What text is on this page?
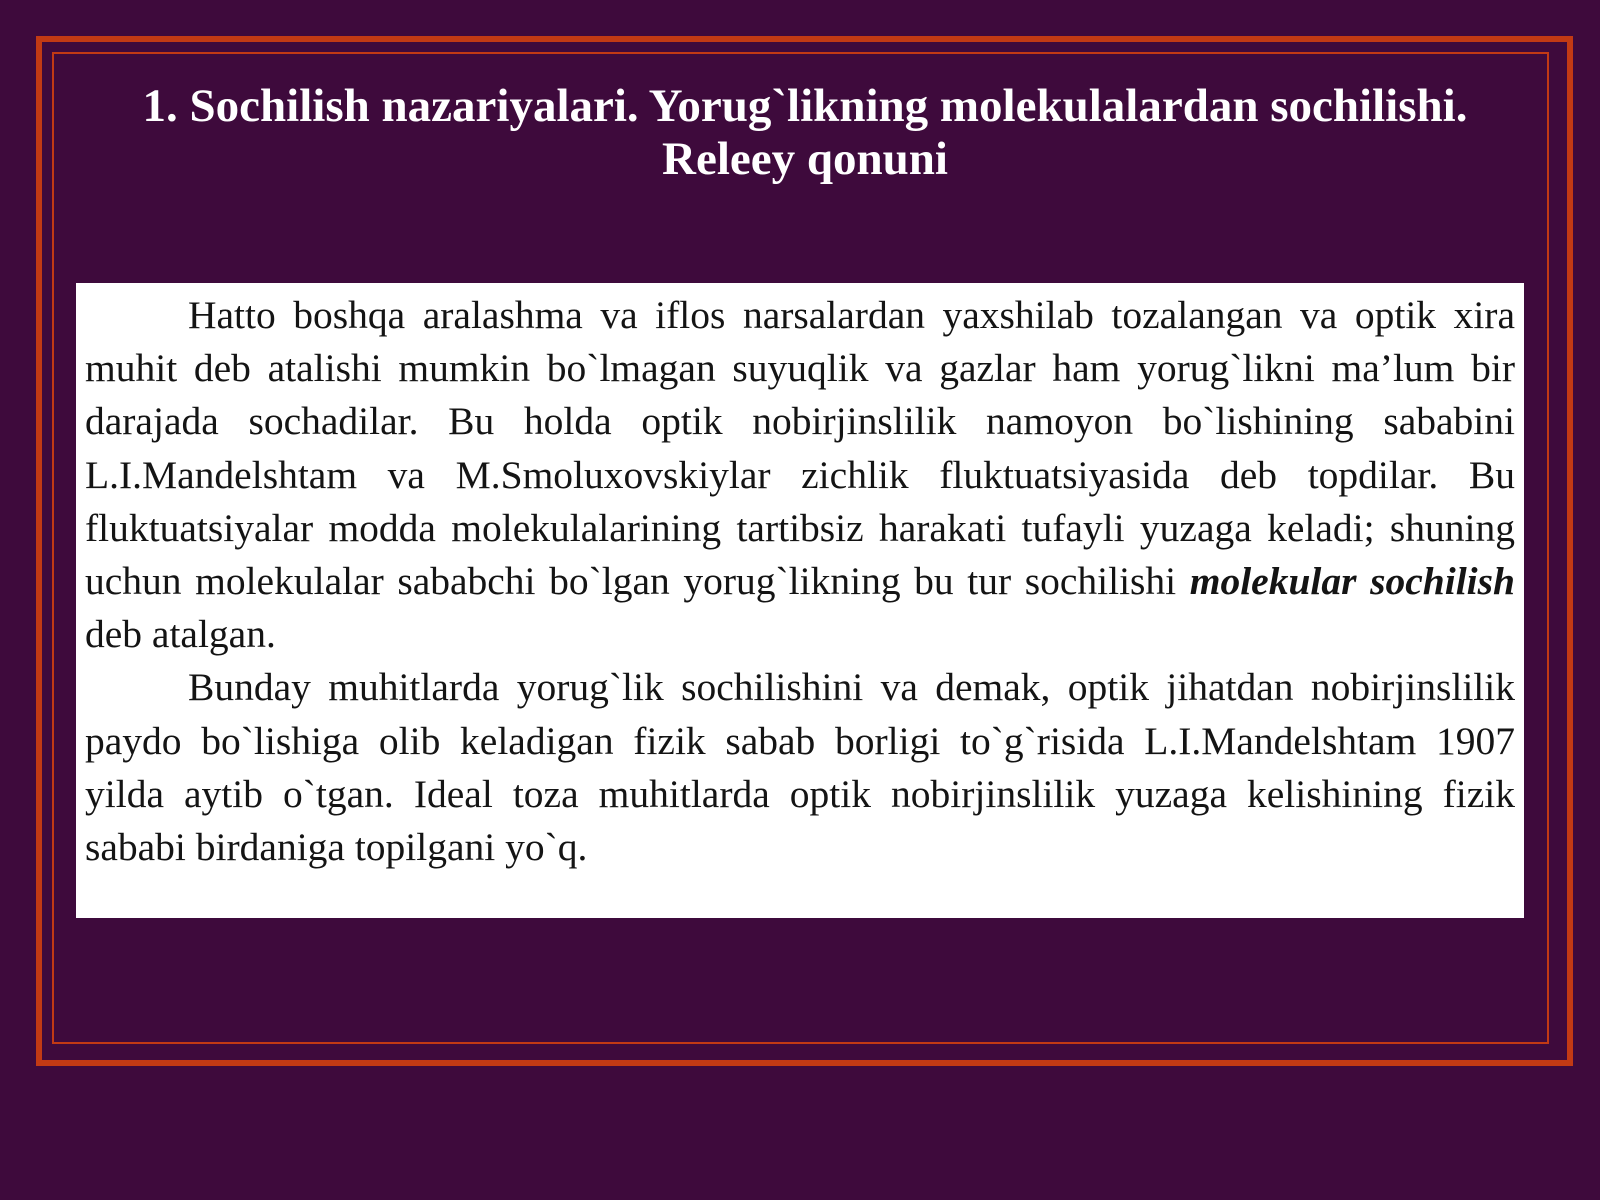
1. Sochilish nazariyalari. Yorug`likning molekulalardan sochilishi. Releey qonuni

Hatto boshqa aralashma va iflos narsalardan yaxshilab tozalangan va optik xira muhit deb atalishi mumkin bo`lmagan suyuqlik va gazlar ham yorug`likni ma’lum bir darajada sochadilar. Bu holda optik nobirjinslilik namoyon bo`lishining sababini L.I.Mandelshtam va M.Smoluxovskiylar zichlik fluktuatsiyasida deb topdilar. Bu fluktuatsiyalar modda molekulalarining tartibsiz harakati tufayli yuzaga keladi; shuning uchun molekulalar sababchi bo`lgan yorug`likning bu tur sochilishi molekular sochilish deb atalgan.
Bunday muhitlarda yorug`lik sochilishini va demak, optik jihatdan nobirjinslilik paydo bo`lishiga olib keladigan fizik sabab borligi to`g`risida L.I.Mandelshtam 1907 yilda aytib o`tgan. Ideal toza muhitlarda optik nobirjinslilik yuzaga kelishining fizik sababi birdaniga topilgani yo`q.
